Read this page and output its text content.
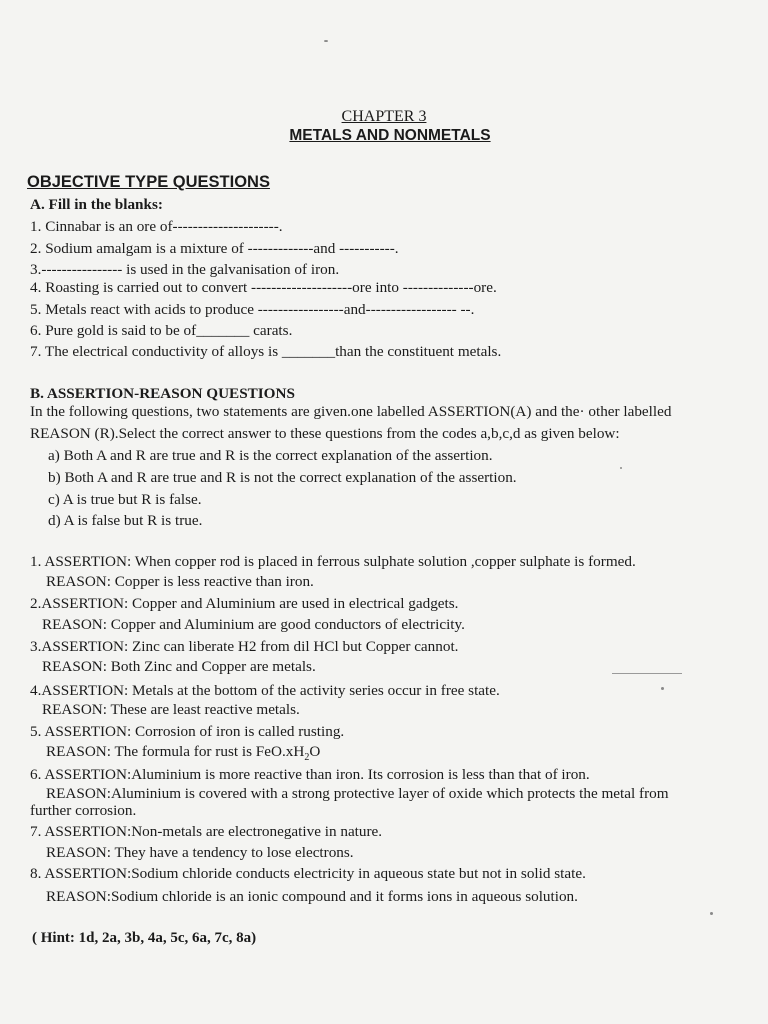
CHAPTER 3
METALS AND NONMETALS
OBJECTIVE TYPE QUESTIONS
A. Fill in the blanks:
1. Cinnabar is an ore of---------------------.
2. Sodium amalgam is a mixture of -------------and -----------.
3.---------------- is used in the galvanisation of iron.
4. Roasting is carried out to convert --------------------ore into --------------ore.
5. Metals react with acids to produce -----------------and------------------ --.
6. Pure gold is said to be of_______ carats.
7. The electrical conductivity of alloys is _______than the constituent metals.
B. ASSERTION-REASON QUESTIONS
In the following questions, two statements are given.one labelled ASSERTION(A) and the· other labelled
REASON (R).Select the correct answer to these questions from the codes a,b,c,d as given below:
a) Both A and R are true and R is the correct explanation of the assertion.
b) Both A and R are true and R is not the correct explanation of the assertion.
c) A is true but R is false.
d) A is false but R is true.
1. ASSERTION: When copper rod is placed in ferrous sulphate solution ,copper sulphate is formed.
REASON: Copper is less reactive than iron.
2.ASSERTION: Copper and Aluminium are used in electrical gadgets.
REASON: Copper and Aluminium are good conductors of electricity.
3.ASSERTION: Zinc can liberate H2 from dil HCl but Copper cannot.
REASON: Both Zinc and Copper are metals.
4.ASSERTION: Metals at the bottom of the activity series occur in free state.
REASON: These are least reactive metals.
5. ASSERTION: Corrosion of iron is called rusting.
REASON: The formula for rust is $FeO.xH_2O$
6. ASSERTION:Aluminium is more reactive than iron. Its corrosion is less than that of iron.
REASON:Aluminium is covered with a strong protective layer of oxide which protects the metal from
further corrosion.
7. ASSERTION:Non-metals are electronegative in nature.
REASON: They have a tendency to lose electrons.
8. ASSERTION:Sodium chloride conducts electricity in aqueous state but not in solid state.
REASON:Sodium chloride is an ionic compound and it forms ions in aqueous solution.
( Hint: 1d, 2a, 3b, 4a, 5c, 6a, 7c, 8a)
